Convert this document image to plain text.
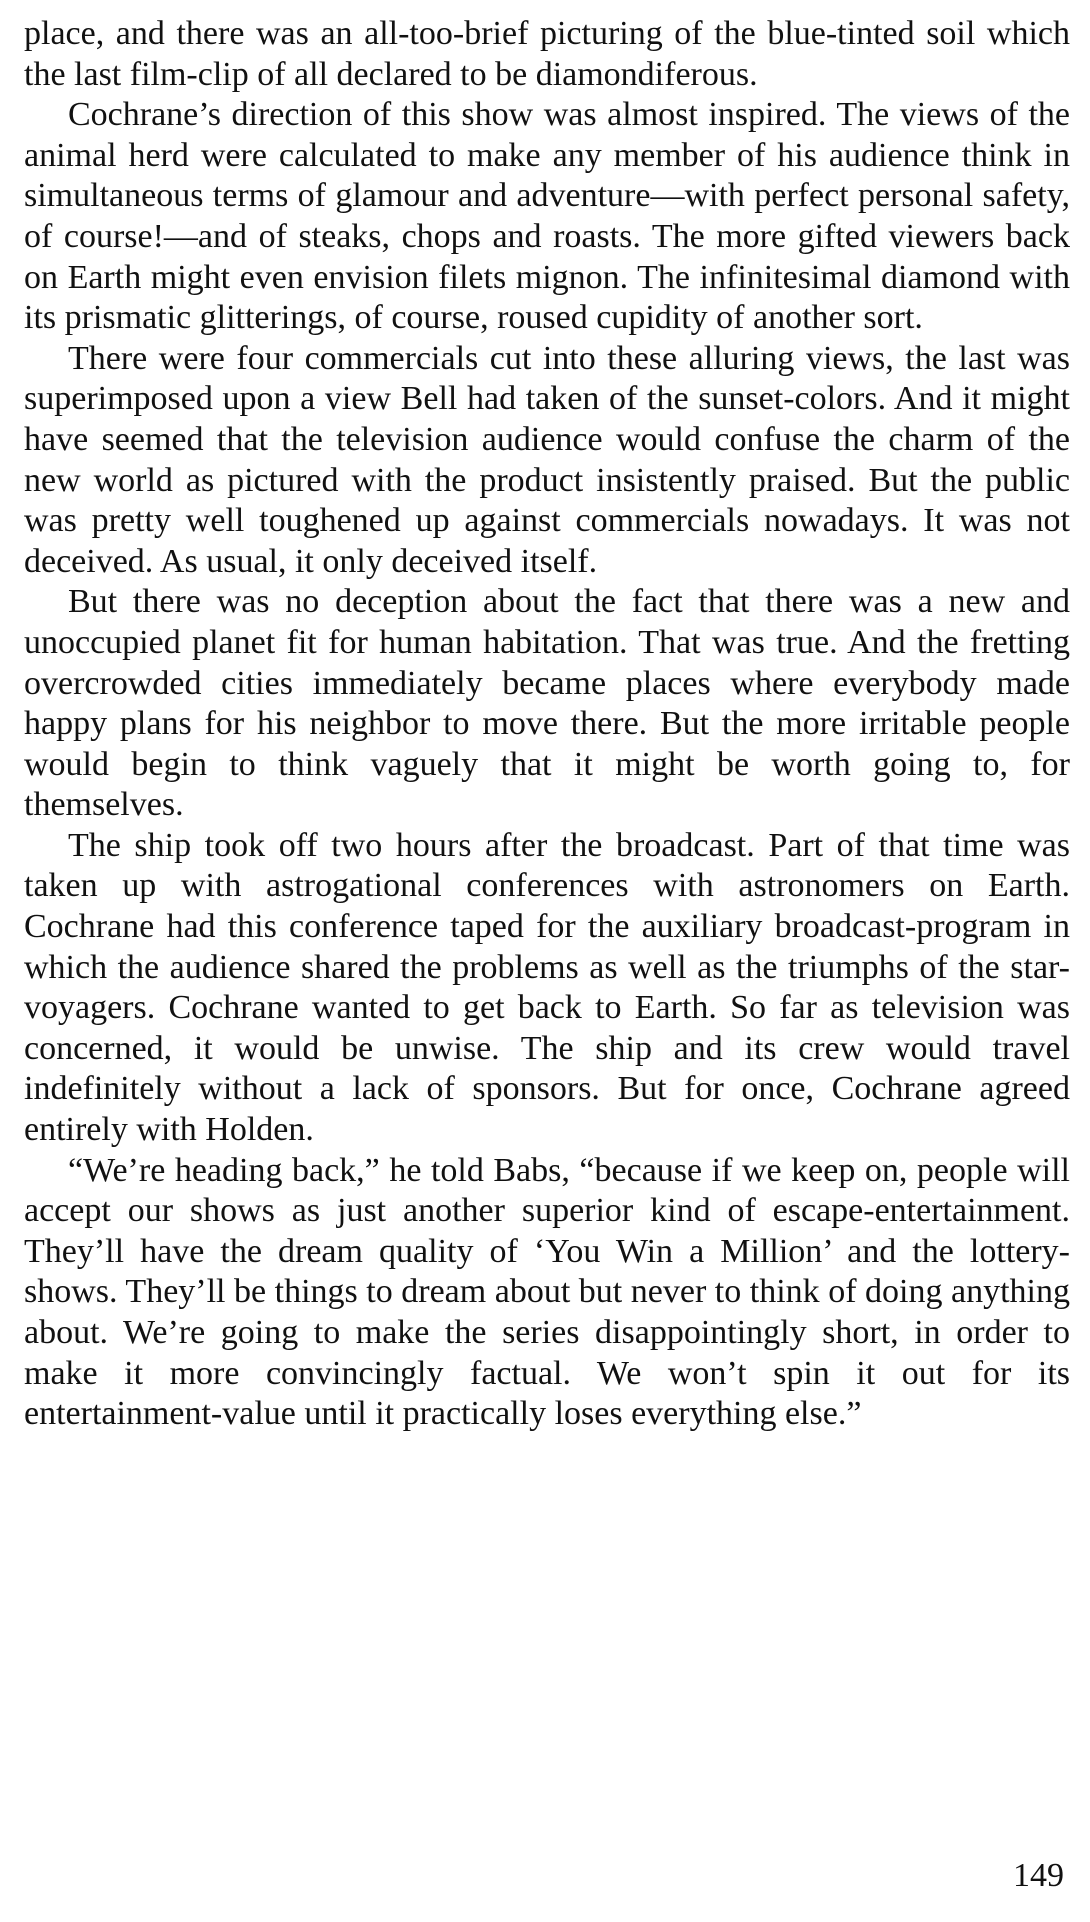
place, and there was an all-too-brief picturing of the blue-tinted soil which the last film-clip of all declared to be diamondiferous.

Cochrane’s direction of this show was almost inspired. The views of the animal herd were calculated to make any member of his audience think in simultaneous terms of glamour and adventure—with perfect personal safety, of course!—and of steaks, chops and roasts. The more gifted viewers back on Earth might even envision filets mignon. The infinitesimal diamond with its prismatic glitterings, of course, roused cupidity of another sort.

There were four commercials cut into these alluring views, the last was superimposed upon a view Bell had taken of the sunset-colors. And it might have seemed that the television audience would confuse the charm of the new world as pictured with the product insistently praised. But the public was pretty well toughened up against commercials nowadays. It was not deceived. As usual, it only deceived itself.

But there was no deception about the fact that there was a new and unoccupied planet fit for human habitation. That was true. And the fretting overcrowded cities immediately became places where everybody made happy plans for his neighbor to move there. But the more irritable people would begin to think vaguely that it might be worth going to, for themselves.

The ship took off two hours after the broadcast. Part of that time was taken up with astrogational conferences with astronomers on Earth. Cochrane had this conference taped for the auxiliary broadcast-program in which the audience shared the problems as well as the triumphs of the star-voyagers. Cochrane wanted to get back to Earth. So far as television was concerned, it would be unwise. The ship and its crew would travel indefinitely without a lack of sponsors. But for once, Cochrane agreed entirely with Holden.

“We’re heading back,” he told Babs, “because if we keep on, people will accept our shows as just another superior kind of escape-entertainment. They’ll have the dream quality of ‘You Win a Million’ and the lottery-shows. They’ll be things to dream about but never to think of doing anything about. We’re going to make the series disappointingly short, in order to make it more convincingly factual. We won’t spin it out for its entertainment-value until it practically loses everything else.”

149
